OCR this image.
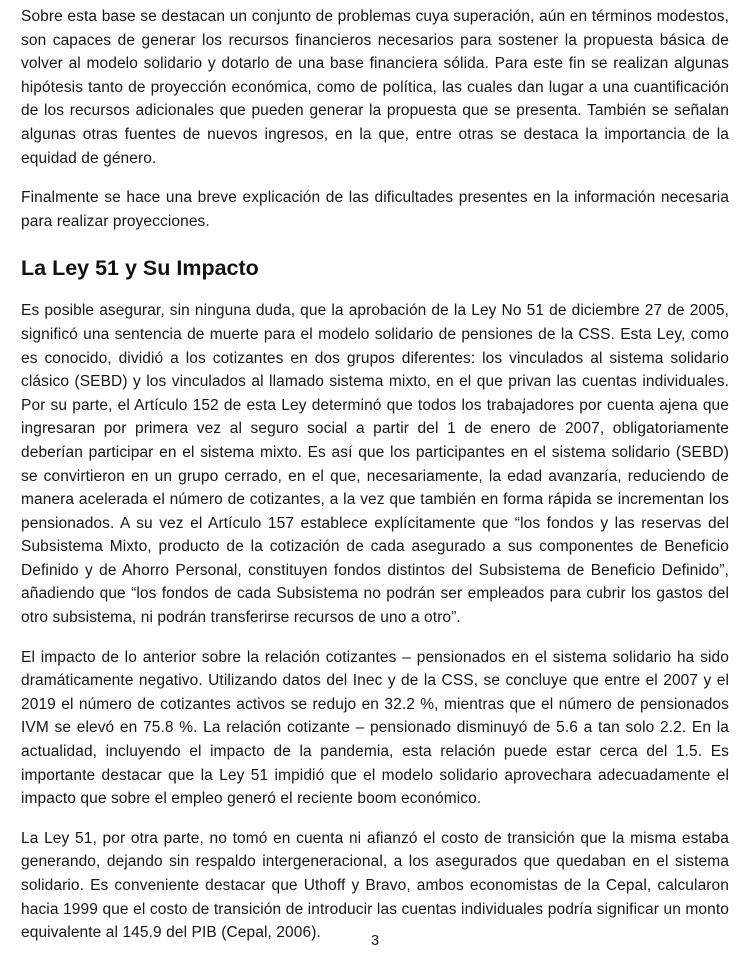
Sobre esta base se destacan un conjunto de problemas cuya superación, aún en términos modestos, son capaces de generar los recursos financieros necesarios para sostener la propuesta básica de volver al modelo solidario y dotarlo de una base financiera sólida. Para este fin se realizan algunas hipótesis tanto de proyección económica, como de política, las cuales dan lugar a una cuantificación de los recursos adicionales que pueden generar la propuesta que se presenta. También se señalan algunas otras fuentes de nuevos ingresos, en la que, entre otras se destaca la importancia de la equidad de género.

Finalmente se hace una breve explicación de las dificultades presentes en la información necesaria para realizar proyecciones.

La Ley 51 y Su Impacto

Es posible asegurar, sin ninguna duda, que la aprobación de la Ley No 51 de diciembre 27 de 2005, significó una sentencia de muerte para el modelo solidario de pensiones de la CSS. Esta Ley, como es conocido, dividió a los cotizantes en dos grupos diferentes: los vinculados al sistema solidario clásico (SEBD) y los vinculados al llamado sistema mixto, en el que privan las cuentas individuales. Por su parte, el Artículo 152 de esta Ley determinó que todos los trabajadores por cuenta ajena que ingresaran por primera vez al seguro social a partir del 1 de enero de 2007, obligatoriamente deberían participar en el sistema mixto. Es así que los participantes en el sistema solidario (SEBD) se convirtieron en un grupo cerrado, en el que, necesariamente, la edad avanzaría, reduciendo de manera acelerada el número de cotizantes, a la vez que también en forma rápida se incrementan los pensionados. A su vez el Artículo 157 establece explícitamente que “los fondos y las reservas del Subsistema Mixto, producto de la cotización de cada asegurado a sus componentes de Beneficio Definido y de Ahorro Personal, constituyen fondos distintos del Subsistema de Beneficio Definido”, añadiendo que “los fondos de cada Subsistema no podrán ser empleados para cubrir los gastos del otro subsistema, ni podrán transferirse recursos de uno a otro”.

El impacto de lo anterior sobre la relación cotizantes – pensionados en el sistema solidario ha sido dramáticamente negativo. Utilizando datos del Inec y de la CSS, se concluye que entre el 2007 y el 2019 el número de cotizantes activos se redujo en 32.2 %, mientras que el número de pensionados IVM se elevó en 75.8 %. La relación cotizante – pensionado disminuyó de 5.6 a tan solo 2.2. En la actualidad, incluyendo el impacto de la pandemia, esta relación puede estar cerca del 1.5. Es importante destacar que la Ley 51 impidió que el modelo solidario aprovechara adecuadamente el impacto que sobre el empleo generó el reciente boom económico.

La Ley 51, por otra parte, no tomó en cuenta ni afianzó el costo de transición que la misma estaba generando, dejando sin respaldo intergeneracional, a los asegurados que quedaban en el sistema solidario. Es conveniente destacar que Uthoff y Bravo, ambos economistas de la Cepal, calcularon hacia 1999 que el costo de transición de introducir las cuentas individuales podría significar un monto equivalente al 145.9 del PIB (Cepal, 2006).	3
